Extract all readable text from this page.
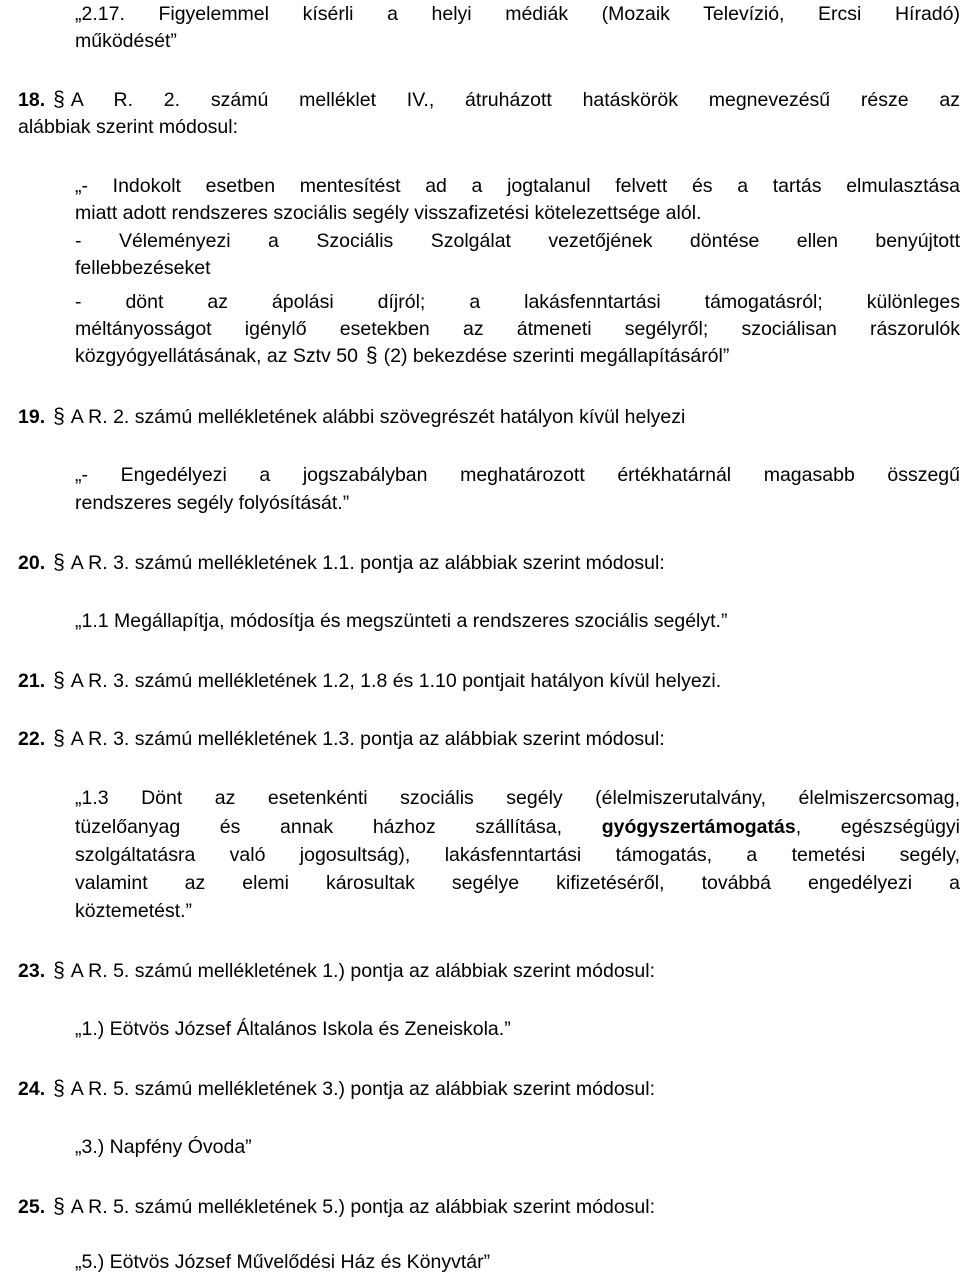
„2.17. Figyelemmel kísérli a helyi médiák (Mozaik Televízió, Ercsi Híradó)
működését”
18. § A R. 2. számú melléklet IV., átruházott hatáskörök megnevezésű része az
alábbiak szerint módosul:
„- Indokolt esetben mentesítést ad a jogtalanul felvett és a tartás elmulasztása
miatt adott rendszeres szociális segély visszafizetési kötelezettsége alól.
- Véleményezi a Szociális Szolgálat vezetőjének döntése ellen benyújtott
fellebbezéseket
- dönt az ápolási díjról; a lakásfenntartási támogatásról; különleges
méltányosságot igénylő esetekben az átmeneti segélyről; szociálisan rászorulók
közgyógyellátásának, az Sztv 50 § (2) bekezdése szerinti megállapításáról”
19. § A R. 2. számú mellékletének alábbi szövegrészét hatályon kívül helyezi
„- Engedélyezi a jogszabályban meghatározott értékhatárnál magasabb összegű
rendszeres segély folyósítását.”
20. § A R. 3. számú mellékletének 1.1. pontja az alábbiak szerint módosul:
„1.1 Megállapítja, módosítja és megszünteti a rendszeres szociális segélyt.”
21. § A R. 3. számú mellékletének 1.2, 1.8 és 1.10 pontjait hatályon kívül helyezi.
22. § A R. 3. számú mellékletének 1.3. pontja az alábbiak szerint módosul:
„1.3 Dönt az esetenkénti szociális segély (élelmiszerutalvány, élelmiszercsomag,
tüzelőanyag és annak házhoz szállítása, gyógyszertámogatás, egészségügyi
szolgáltatásra való jogosultság), lakásfenntartási támogatás, a temetési segély,
valamint az elemi károsultak segélye kifizetéséről, továbbá engedélyezi a
köztemetést.”
23. § A R. 5. számú mellékletének 1.) pontja az alábbiak szerint módosul:
„1.) Eötvös József Általános Iskola és Zeneiskola.”
24. § A R. 5. számú mellékletének 3.) pontja az alábbiak szerint módosul:
„3.) Napfény Óvoda”
25. § A R. 5. számú mellékletének 5.) pontja az alábbiak szerint módosul:
„5.) Eötvös József Művelődési Ház és Könyvtár”
